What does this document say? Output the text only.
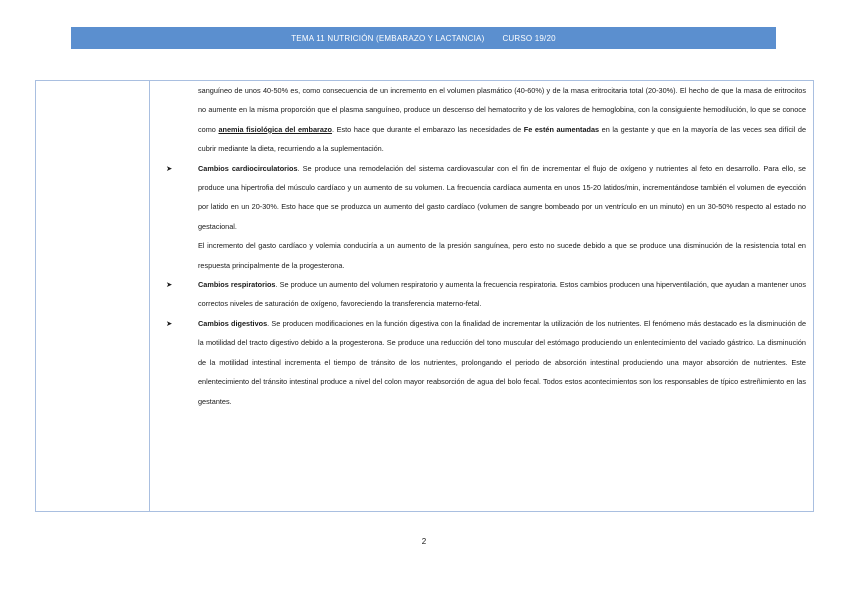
TEMA 11 NUTRICIÓN (EMBARAZO Y LACTANCIA) CURSO 19/20

sanguíneo de unos 40-50% es, como consecuencia de un incremento en el volumen plasmático (40-60%) y de la masa eritrocitaria total (20-30%). El hecho de que la masa de eritrocitos no aumente en la misma proporción que el plasma sanguíneo, produce un descenso del hematocrito y de los valores de hemoglobina, con la consiguiente hemodilución, lo que se conoce como anemia fisiológica del embarazo. Esto hace que durante el embarazo las necesidades de Fe estén aumentadas en la gestante y que en la mayoría de las veces sea difícil de cubrir mediante la dieta, recurriendo a la suplementación.

➤	Cambios cardiocirculatorios. Se produce una remodelación del sistema cardiovascular con el fin de incrementar el flujo de oxígeno y nutrientes al feto en desarrollo. Para ello, se produce una hipertrofia del músculo cardíaco y un aumento de su volumen. La frecuencia cardíaca aumenta en unos 15-20 latidos/min, incrementándose también el volumen de eyección por latido en un 20-30%. Esto hace que se produzca un aumento del gasto cardíaco (volumen de sangre bombeado por un ventrículo en un minuto) en un 30-50% respecto al estado no gestacional.

El incremento del gasto cardíaco y volemia conduciría a un aumento de la presión sanguínea, pero esto no sucede debido a que se produce una disminución de la resistencia total en respuesta principalmente de la progesterona.

➤	Cambios respiratorios. Se produce un aumento del volumen respiratorio y aumenta la frecuencia respiratoria. Estos cambios producen una hiperventilación, que ayudan a mantener unos correctos niveles de saturación de oxígeno, favoreciendo la transferencia materno-fetal.

➤	Cambios digestivos. Se producen modificaciones en la función digestiva con la finalidad de incrementar la utilización de los nutrientes. El fenómeno más destacado es la disminución de la motilidad del tracto digestivo debido a la progesterona. Se produce una reducción del tono muscular del estómago produciendo un enlentecimiento del vaciado gástrico. La disminución de la motilidad intestinal incrementa el tiempo de tránsito de los nutrientes, prolongando el periodo de absorción intestinal produciendo una mayor absorción de nutrientes. Este enlentecimiento del tránsito intestinal produce a nivel del colon mayor reabsorción de agua del bolo fecal. Todos estos acontecimientos son los responsables de típico estreñimiento en las gestantes.

2
